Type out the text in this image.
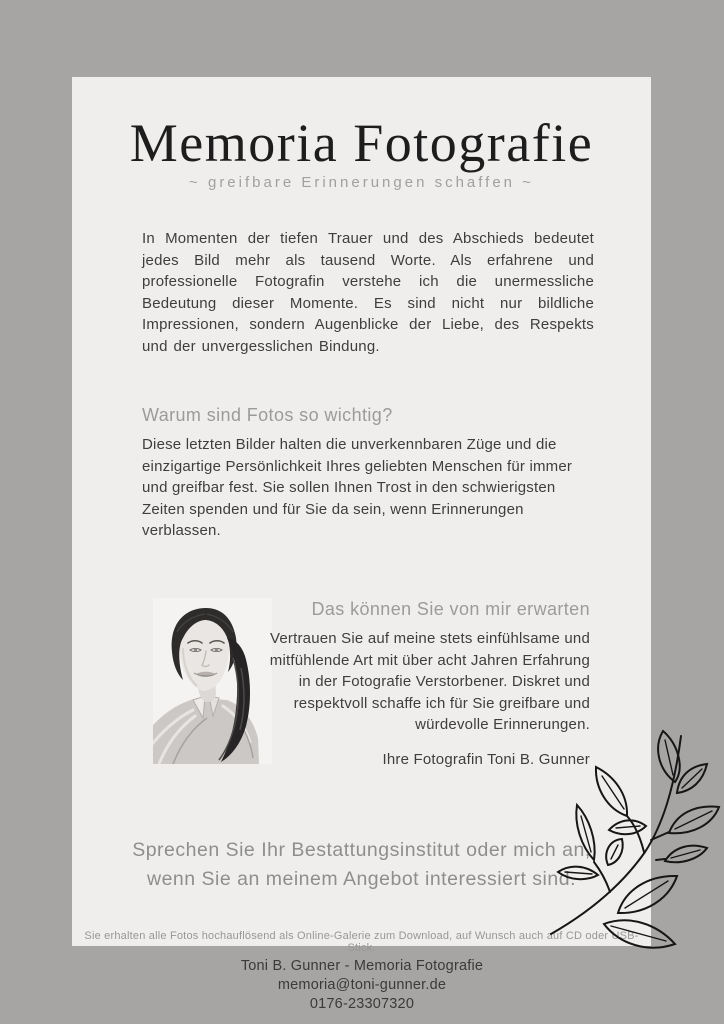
Memoria Fotografie
~ greifbare Erinnerungen schaffen ~
In Momenten der tiefen Trauer und des Abschieds bedeutet jedes Bild mehr als tausend Worte. Als erfahrene und professionelle Fotografin verstehe ich die unermessliche Bedeutung dieser Momente. Es sind nicht nur bildliche Impressionen, sondern Augenblicke der Liebe, des Respekts und der unvergesslichen Bindung.
Warum sind Fotos so wichtig?
Diese letzten Bilder halten die unverkennbaren Züge und die einzigartige Persönlichkeit Ihres geliebten Menschen für immer und greifbar fest. Sie sollen Ihnen Trost in den schwierigsten Zeiten spenden und für Sie da sein, wenn Erinnerungen verblassen.
Das können Sie von mir erwarten
Vertrauen Sie auf meine stets einfühlsame und mitfühlende Art mit über acht Jahren Erfahrung in der Fotografie Verstorbener. Diskret und respektvoll schaffe ich für Sie greifbare und würdevolle Erinnerungen.
Ihre Fotografin Toni B. Gunner
Sprechen Sie Ihr Bestattungsinstitut oder mich an,
wenn Sie an meinem Angebot interessiert sind.
Sie erhalten alle Fotos hochauflösend als Online-Galerie zum Download, auf Wunsch auch auf CD oder USB-Stick.
Toni B. Gunner - Memoria Fotografie
memoria@toni-gunner.de
0176-23307320
